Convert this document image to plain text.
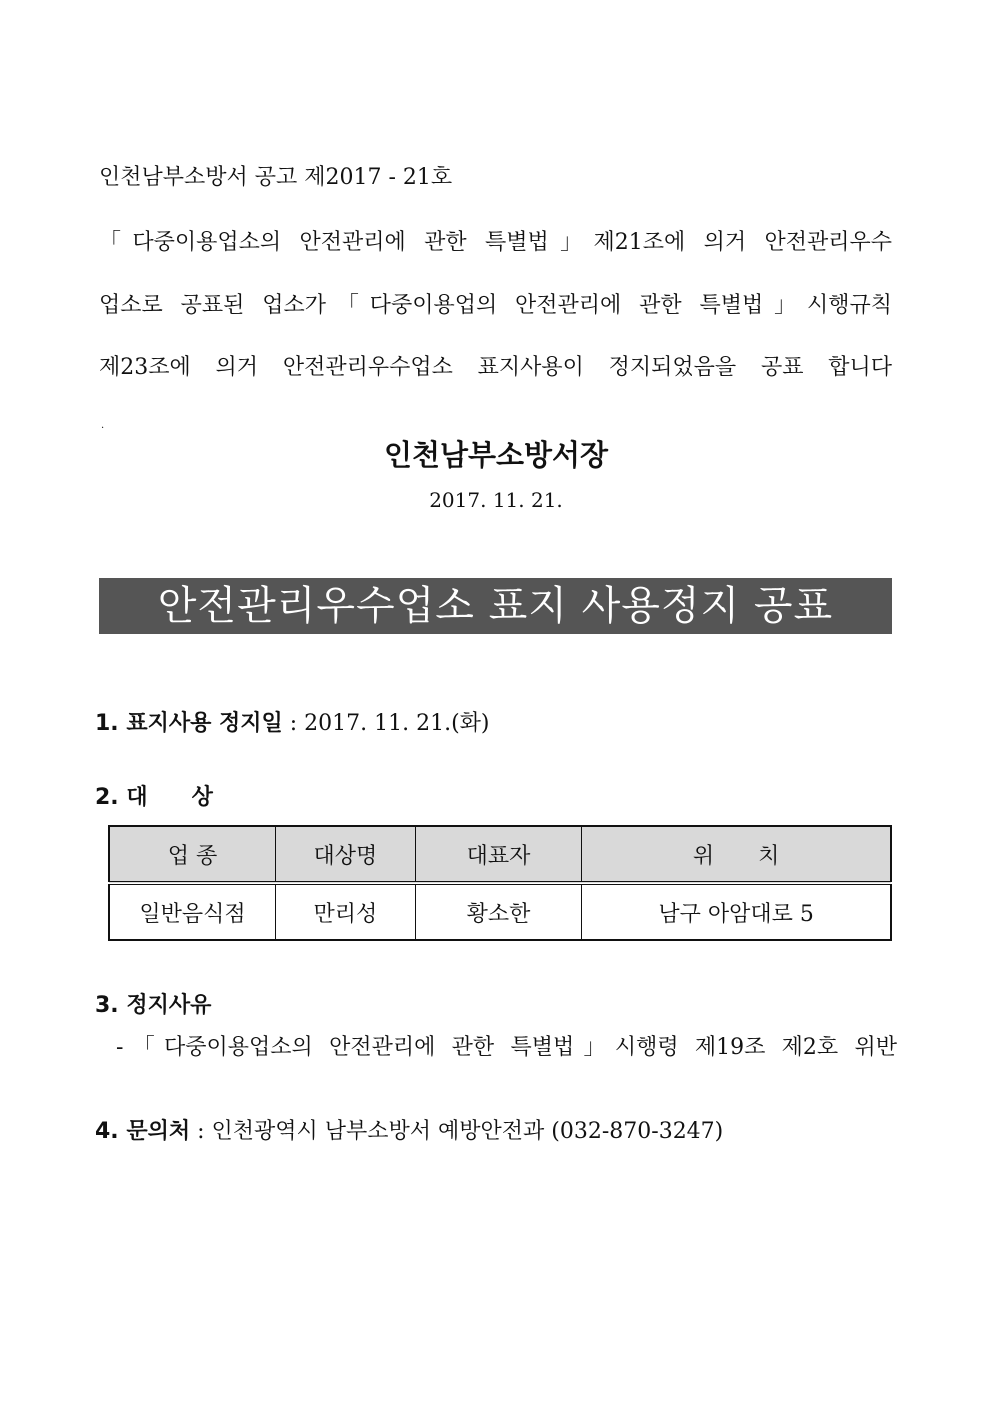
인천남부소방서 공고 제2017 - 21호
「다중이용업소의 안전관리에 관한 특별법」제21조에 의거 안전관리우수
업소로 공표된 업소가「다중이용업의 안전관리에 관한 특별법」시행규칙
제23조에 의거 안전관리우수업소 표지사용이 정지되었음을 공표 합니다
.
인천남부소방서장
2017. 11. 21.
안전관리우수업소 표지 사용정지 공표
1. 표지사용 정지일 : 2017. 11. 21.(화)
2. 대　　상
업 종	대상명	대표자	위　　치
일반음식점	만리성	황소한	남구 아암대로 5
3. 정지사유
-「다중이용업소의 안전관리에 관한 특별법」시행령 제19조 제2호 위반
4. 문의처 : 인천광역시 남부소방서 예방안전과 (032-870-3247)
